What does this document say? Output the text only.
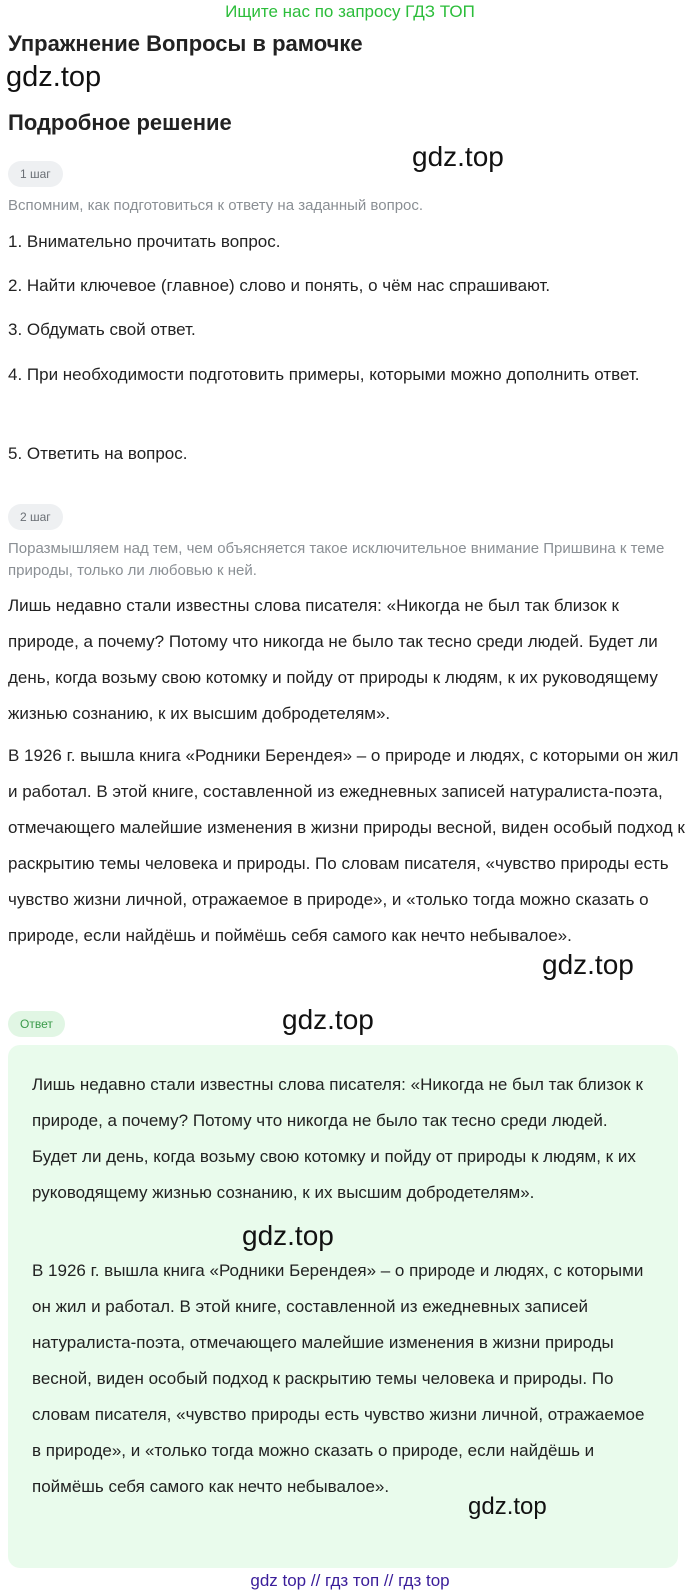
Ищите нас по запросу ГДЗ ТОП
Упражнение Вопросы в рамочке
gdz.top
Подробное решение
gdz.top
1 шаг
Вспомним, как подготовиться к ответу на заданный вопрос.
1. Внимательно прочитать вопрос.
2. Найти ключевое (главное) слово и понять, о чём нас спрашивают.
3. Обдумать свой ответ.
4. При необходимости подготовить примеры, которыми можно дополнить ответ.
5. Ответить на вопрос.
2 шаг
Поразмышляем над тем, чем объясняется такое исключительное внимание Пришвина к теме природы, только ли любовью к ней.
Лишь недавно стали известны слова писателя: «Никогда не был так близок к природе, а почему? Потому что никогда не было так тесно среди людей. Будет ли день, когда возьму свою котомку и пойду от природы к людям, к их руководящему жизнью сознанию, к их высшим добродетелям».
В 1926 г. вышла книга «Родники Берендея» – о природе и людях, с которыми он жил и работал. В этой книге, составленной из ежедневных записей натуралиста-поэта, отмечающего малейшие изменения в жизни природы весной, виден особый подход к раскрытию темы человека и природы. По словам писателя, «чувство природы есть чувство жизни личной, отражаемое в природе», и «только тогда можно сказать о природе, если найдёшь и поймёшь себя самого как нечто небывалое».
gdz.top
Ответ	gdz.top
Лишь недавно стали известны слова писателя: «Никогда не был так близок к природе, а почему? Потому что никогда не было так тесно среди людей. Будет ли день, когда возьму свою котомку и пойду от природы к людям, к их руководящему жизнью сознанию, к их высшим добродетелям».
В 1926 г. вышла книга «Родники Берендея» – о природе и людях, с которыми он жил и работал. В этой книге, составленной из ежедневных записей натуралиста-поэта, отмечающего малейшие изменения в жизни природы весной, виден особый подход к раскрытию темы человека и природы. По словам писателя, «чувство природы есть чувство жизни личной, отражаемое в природе», и «только тогда можно сказать о природе, если найдёшь и поймёшь себя самого как нечто небывалое».
gdz.top
gdz.top
gdz top // гдз топ // гдз top
